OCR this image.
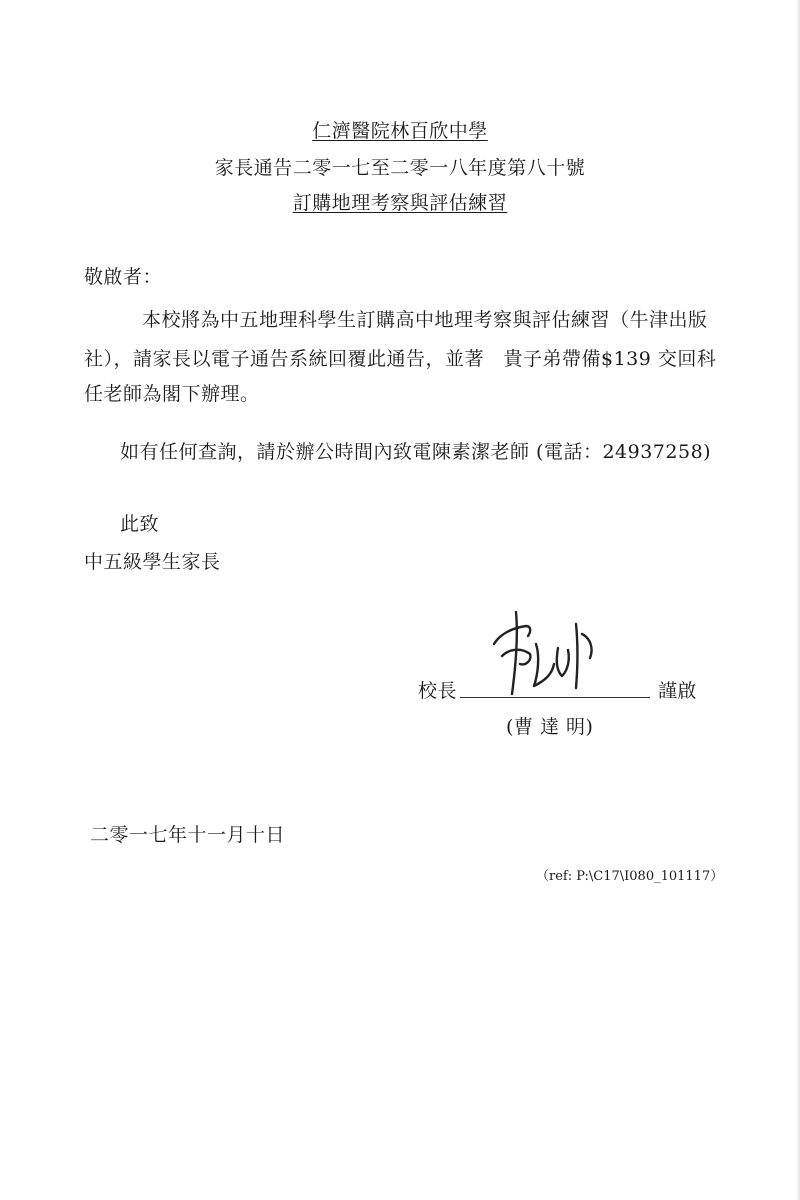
仁濟醫院林百欣中學
家長通告二零一七至二零一八年度第八十號
訂購地理考察與評估練習
敬啟者：
本校將為中五地理科學生訂購高中地理考察與評估練習（牛津出版
社），請家長以電子通告系統回覆此通告，並著　貴子弟帶備$139 交回科
任老師為閣下辦理。
如有任何查詢，請於辦公時間內致電陳素潔老師 (電話：24937258)
此致
中五級學生家長
校長	謹啟
(曹 達 明)
二零一七年十一月十日
（ref: P:\C17\I080_101117）
